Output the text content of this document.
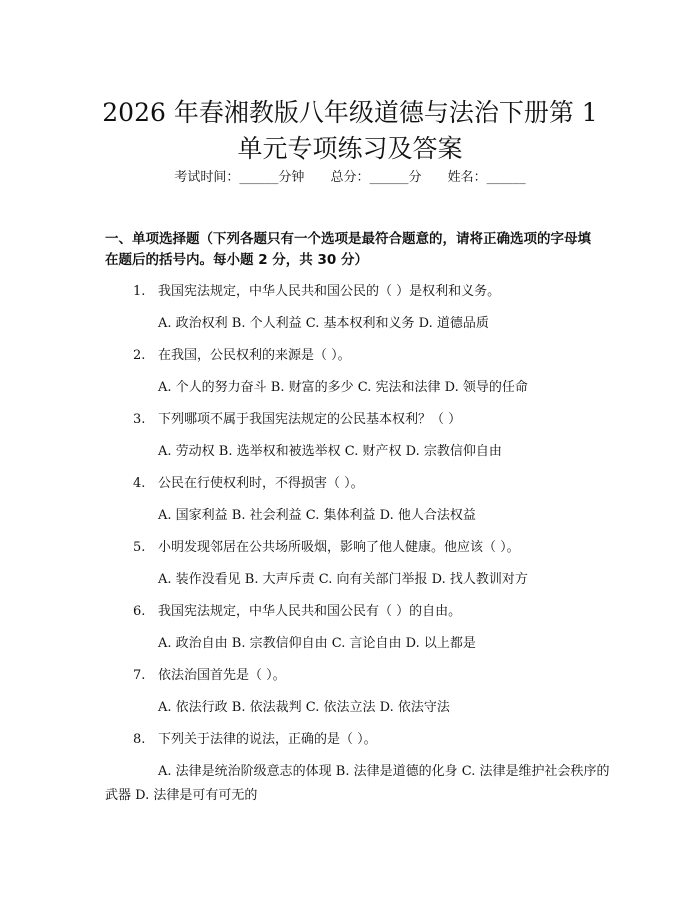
2026 年春湘教版八年级道德与法治下册第 1
单元专项练习及答案
考试时间：______分钟 总分：______分 姓名：______
一、单项选择题（下列各题只有一个选项是最符合题意的，请将正确选项的字母填在题后的括号内。每小题 2 分，共 30 分）
1. 我国宪法规定，中华人民共和国公民的（ ）是权利和义务。
A. 政治权利 B. 个人利益 C. 基本权利和义务 D. 道德品质
2. 在我国，公民权利的来源是（ ）。
A. 个人的努力奋斗 B. 财富的多少 C. 宪法和法律 D. 领导的任命
3. 下列哪项不属于我国宪法规定的公民基本权利？（ ）
A. 劳动权 B. 选举权和被选举权 C. 财产权 D. 宗教信仰自由
4. 公民在行使权利时，不得损害（ ）。
A. 国家利益 B. 社会利益 C. 集体利益 D. 他人合法权益
5. 小明发现邻居在公共场所吸烟，影响了他人健康。他应该（ ）。
A. 装作没看见 B. 大声斥责 C. 向有关部门举报 D. 找人教训对方
6. 我国宪法规定，中华人民共和国公民有（ ）的自由。
A. 政治自由 B. 宗教信仰自由 C. 言论自由 D. 以上都是
7. 依法治国首先是（ ）。
A. 依法行政 B. 依法裁判 C. 依法立法 D. 依法守法
8. 下列关于法律的说法，正确的是（ ）。
A. 法律是统治阶级意志的体现 B. 法律是道德的化身 C. 法律是维护社会秩序的武器 D. 法律是可有可无的
